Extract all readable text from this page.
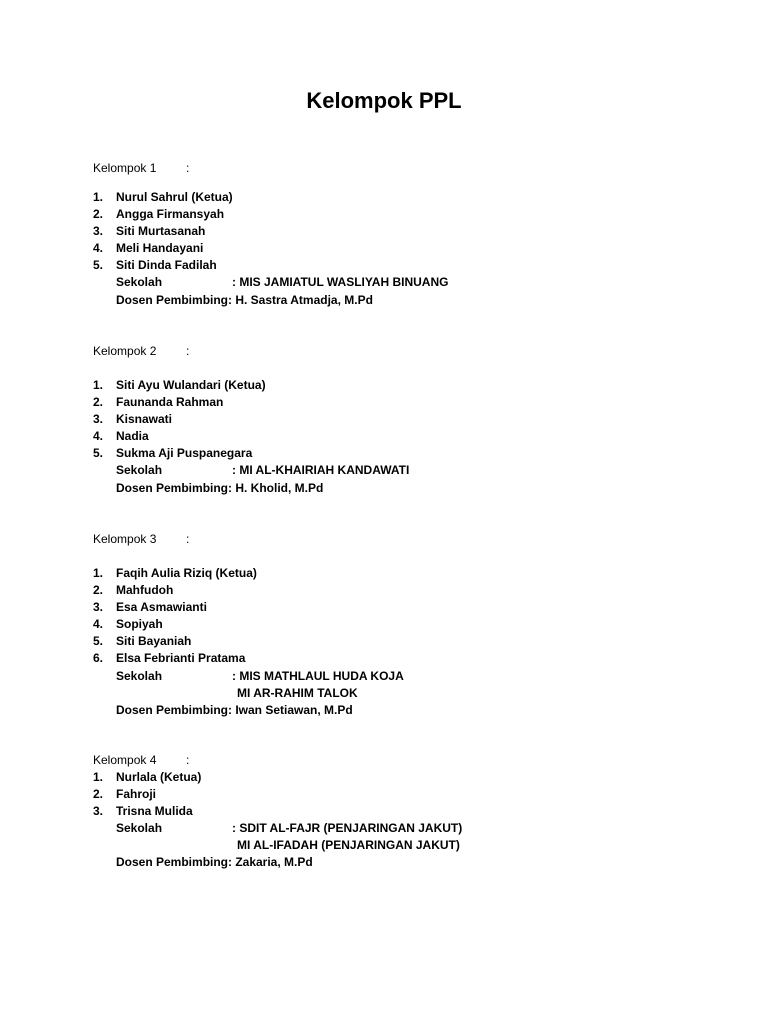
Kelompok PPL
Kelompok 1 :
1. Nurul Sahrul (Ketua)
2. Angga Firmansyah
3. Siti Murtasanah
4. Meli Handayani
5. Siti Dinda Fadilah
Sekolah	: MIS JAMIATUL WASLIYAH BINUANG
Dosen Pembimbing : H. Sastra Atmadja, M.Pd
Kelompok 2 :
1. Siti Ayu Wulandari (Ketua)
2. Faunanda Rahman
3. Kisnawati
4. Nadia
5. Sukma Aji Puspanegara
Sekolah	: MI AL-KHAIRIAH KANDAWATI
Dosen Pembimbing : H. Kholid, M.Pd
Kelompok 3 :
1. Faqih Aulia Riziq (Ketua)
2. Mahfudoh
3. Esa Asmawianti
4. Sopiyah
5. Siti Bayaniah
6. Elsa Febrianti Pratama
Sekolah	: MIS MATHLAUL HUDA KOJA
MI AR-RAHIM TALOK
Dosen Pembimbing : Iwan Setiawan, M.Pd
Kelompok 4 :
1. Nurlala (Ketua)
2. Fahroji
3. Trisna Mulida
Sekolah	: SDIT AL-FAJR (PENJARINGAN JAKUT)
MI AL-IFADAH (PENJARINGAN JAKUT)
Dosen Pembimbing : Zakaria, M.Pd
